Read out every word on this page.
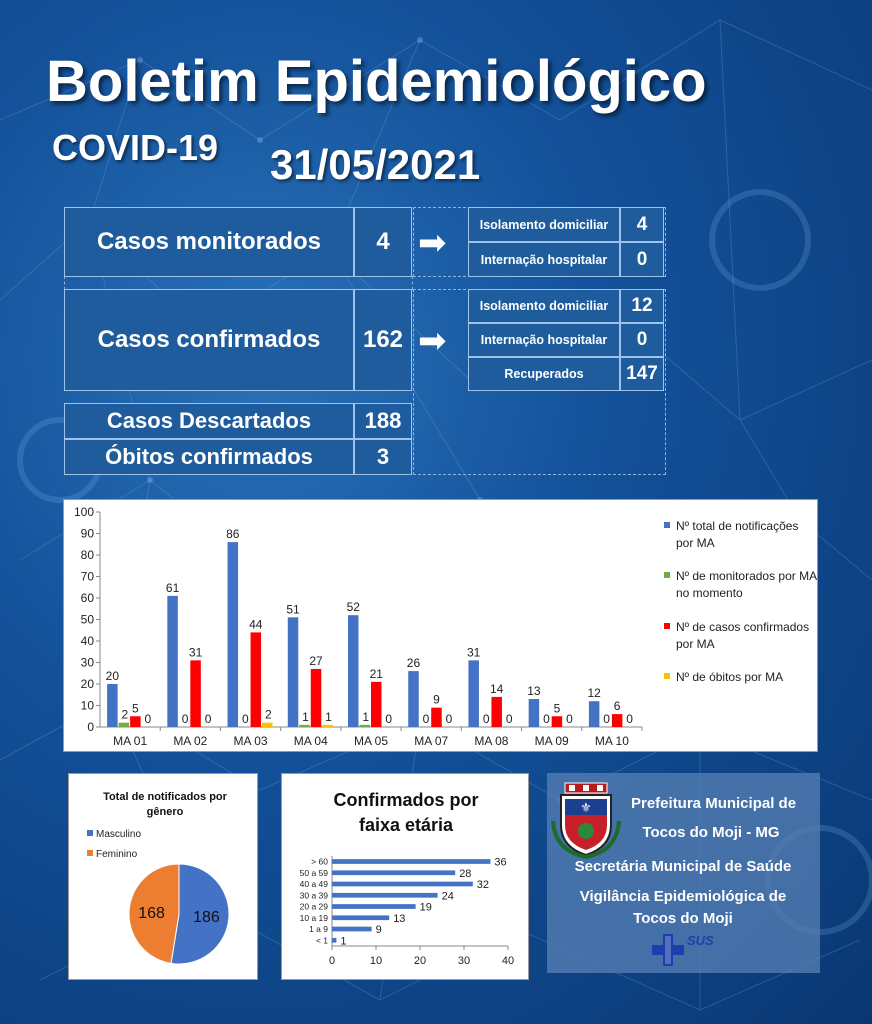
Boletim Epidemiológico
COVID-19 31/05/2021
Casos monitorados	4 ➡	Isolamento domiciliar	4
Internação hospitalar	0
Casos confirmados	162 ➡
Isolamento domiciliar	12
Internação hospitalar	0
Recuperados	147
Casos Descartados	188
Óbitos confirmados	3
0
10
20
30
40
50
60
70
80
90
100
MA 01
20
2 5
0
MA 02
61
0
31
0
MA 03
86
0
44
2
MA 04
51
1
27
1
MA 05
52
1
21
0
MA 07
26
0
9
0
MA 08
31
0
14
0
MA 09
13
0
5
0
MA 10
12
0
6
0
Nº total de notificações por MA
Nº de monitorados por MA no momento
Nº de casos confirmados por MA
Nº de óbitos por MA
Total de notificados por gênero
Masculino
Feminino
186
168
Confirmados por faixa etária
0	10	20	30	40
> 60	36
50 a 59	28
40 a 49	32
30 a 39	24
20 a 29	19
10 a 19	13
1 a 9	9
< 1 1
⚜	Prefeitura Municipal de
Tocos do Moji - MG
Secretária Municipal de Saúde
Vigilância Epidemiológica de
Tocos do Moji
SUS
